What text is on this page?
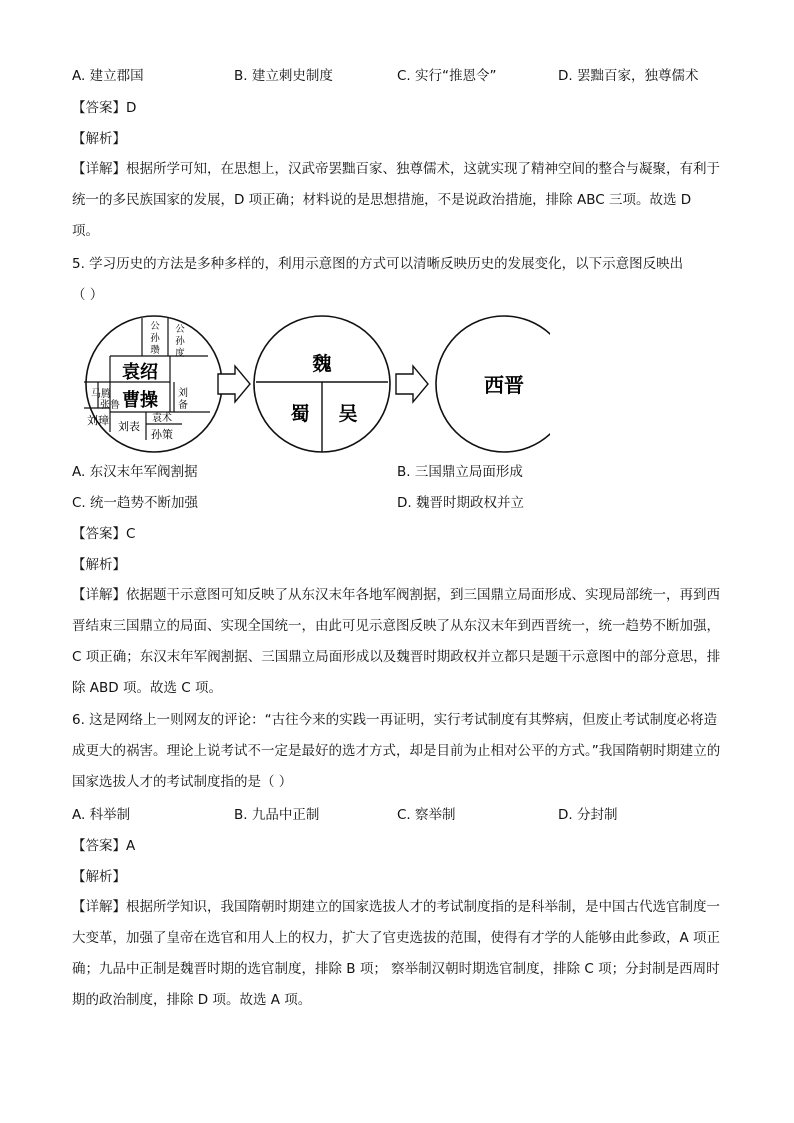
A. 建立郡国	B. 建立刺史制度	C. 实行“推恩令”	D. 罢黜百家，独尊儒术
【答案】D
【解析】
【详解】根据所学可知，在思想上，汉武帝罢黜百家、独尊儒术，这就实现了精神空间的整合与凝聚，有利于统一的多民族国家的发展，D 项正确；材料说的是思想措施，不是说政治措施，排除 ABC 三项。故选 D 项。
5. 学习历史的方法是多种多样的，利用示意图的方式可以清晰反映历史的发展变化，以下示意图反映出
（ ）
公
孙
瓒
公
孙
度
袁绍
曹操
马腾
张鲁
刘璋 刘表
袁术
孙策
刘
备
魏
蜀 吴
西晋
A. 东汉末年军阀割据	B. 三国鼎立局面形成
C. 统一趋势不断加强	D. 魏晋时期政权并立
【答案】C
【解析】
【详解】依据题干示意图可知反映了从东汉末年各地军阀割据，到三国鼎立局面形成、实现局部统一，再到西晋结束三国鼎立的局面、实现全国统一，由此可见示意图反映了从东汉末年到西晋统一，统一趋势不断加强，C 项正确；东汉末年军阀割据、三国鼎立局面形成以及魏晋时期政权并立都只是题干示意图中的部分意思，排除 ABD 项。故选 C 项。
6. 这是网络上一则网友的评论：“古往今来的实践一再证明，实行考试制度有其弊病，但废止考试制度必将造成更大的祸害。理论上说考试不一定是最好的选才方式，却是目前为止相对公平的方式。”我国隋朝时期建立的国家选拔人才的考试制度指的是（ ）
A. 科举制	B. 九品中正制	C. 察举制	D. 分封制
【答案】A
【解析】
【详解】根据所学知识，我国隋朝时期建立的国家选拔人才的考试制度指的是科举制，是中国古代选官制度一大变革，加强了皇帝在选官和用人上的权力，扩大了官吏选拔的范围，使得有才学的人能够由此参政，A 项正确；九品中正制是魏晋时期的选官制度，排除 B 项； 察举制汉朝时期选官制度，排除 C 项；分封制是西周时期的政治制度，排除 D 项。故选 A 项。
